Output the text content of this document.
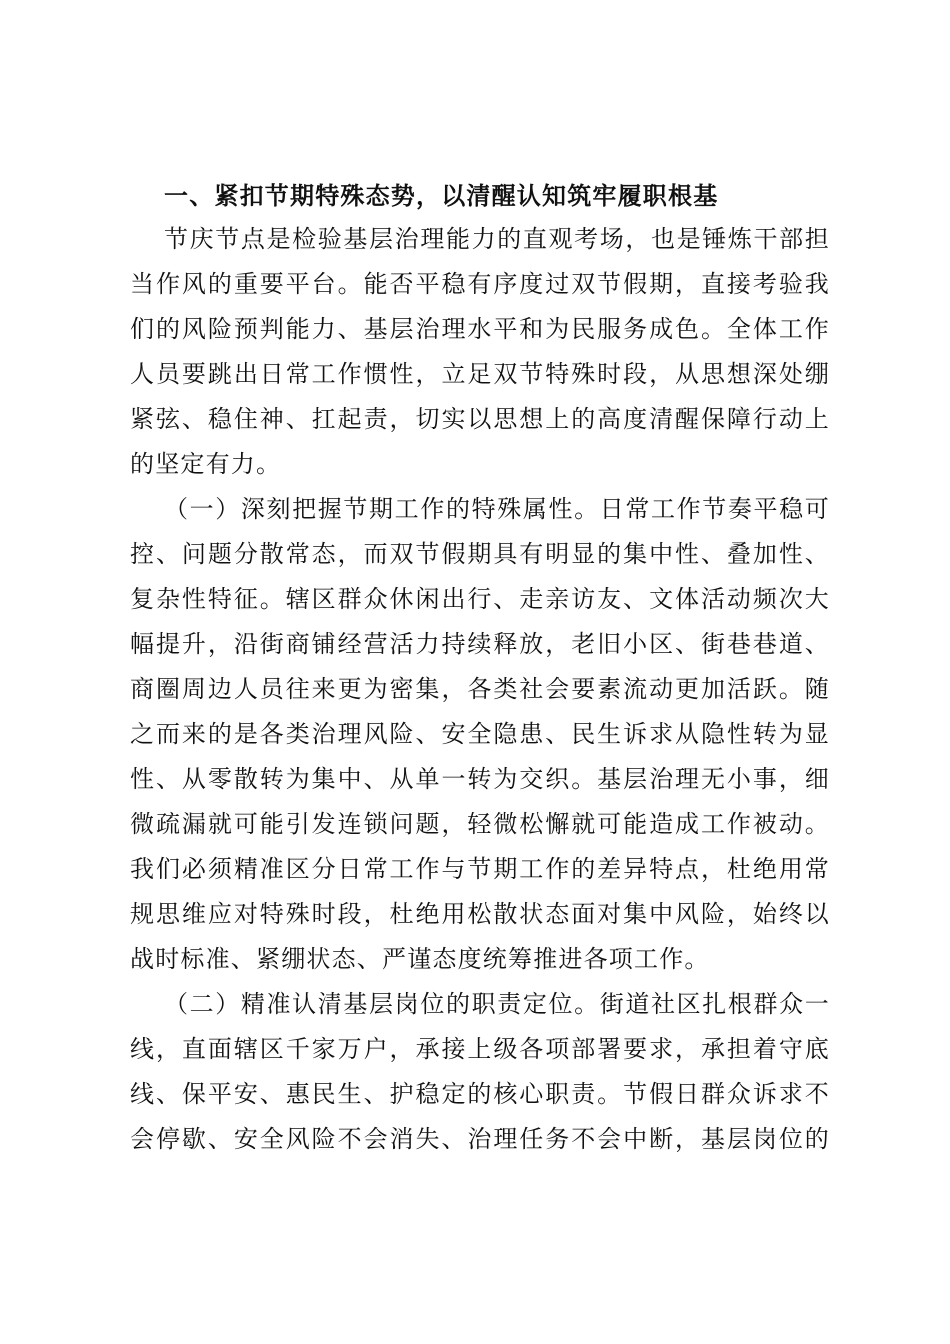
一、紧扣节期特殊态势，以清醒认知筑牢履职根基
节庆节点是检验基层治理能力的直观考场，也是锤炼干部担
当作风的重要平台。能否平稳有序度过双节假期，直接考验我
们的风险预判能力、基层治理水平和为民服务成色。全体工作
人员要跳出日常工作惯性，立足双节特殊时段，从思想深处绷
紧弦、稳住神、扛起责，切实以思想上的高度清醒保障行动上
的坚定有力。
（一）深刻把握节期工作的特殊属性。日常工作节奏平稳可
控、问题分散常态，而双节假期具有明显的集中性、叠加性、
复杂性特征。辖区群众休闲出行、走亲访友、文体活动频次大
幅提升，沿街商铺经营活力持续释放，老旧小区、街巷巷道、
商圈周边人员往来更为密集，各类社会要素流动更加活跃。随
之而来的是各类治理风险、安全隐患、民生诉求从隐性转为显
性、从零散转为集中、从单一转为交织。基层治理无小事，细
微疏漏就可能引发连锁问题，轻微松懈就可能造成工作被动。
我们必须精准区分日常工作与节期工作的差异特点，杜绝用常
规思维应对特殊时段，杜绝用松散状态面对集中风险，始终以
战时标准、紧绷状态、严谨态度统筹推进各项工作。
（二）精准认清基层岗位的职责定位。街道社区扎根群众一
线，直面辖区千家万户，承接上级各项部署要求，承担着守底
线、保平安、惠民生、护稳定的核心职责。节假日群众诉求不
会停歇、安全风险不会消失、治理任务不会中断，基层岗位的
